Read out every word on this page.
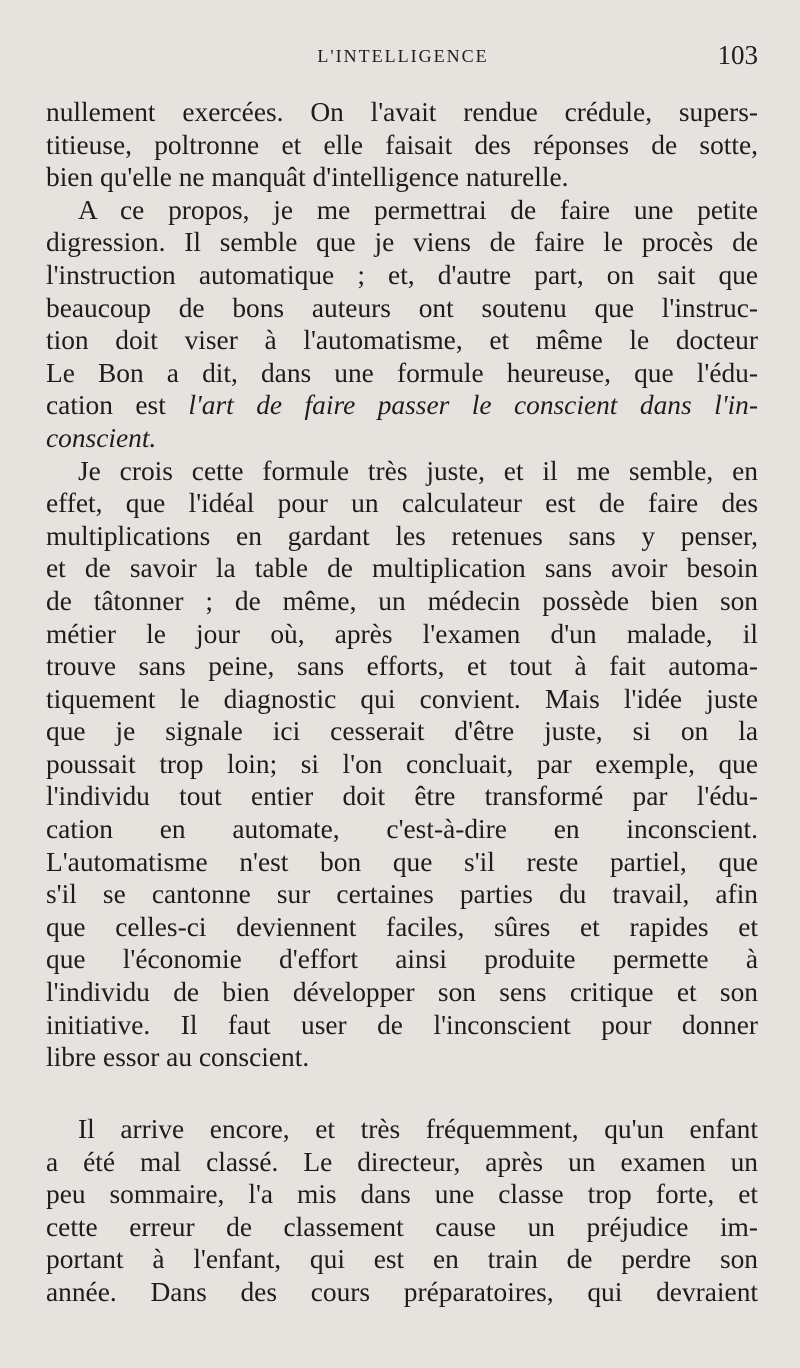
L'INTELLIGENCE	103
nullement exercées. On l'avait rendue crédule, supers-
titieuse, poltronne et elle faisait des réponses de sotte,
bien qu'elle ne manquât d'intelligence naturelle.
A ce propos, je me permettrai de faire une petite
digression. Il semble que je viens de faire le procès de
l'instruction automatique ; et, d'autre part, on sait que
beaucoup de bons auteurs ont soutenu que l'instruc-
tion doit viser à l'automatisme, et même le docteur
Le Bon a dit, dans une formule heureuse, que l'édu-
cation est l'art de faire passer le conscient dans l'in-
conscient.
Je crois cette formule très juste, et il me semble, en
effet, que l'idéal pour un calculateur est de faire des
multiplications en gardant les retenues sans y penser,
et de savoir la table de multiplication sans avoir besoin
de tâtonner ; de même, un médecin possède bien son
métier le jour où, après l'examen d'un malade, il
trouve sans peine, sans efforts, et tout à fait automa-
tiquement le diagnostic qui convient. Mais l'idée juste
que je signale ici cesserait d'être juste, si on la
poussait trop loin; si l'on concluait, par exemple, que
l'individu tout entier doit être transformé par l'édu-
cation en automate, c'est-à-dire en inconscient.
L'automatisme n'est bon que s'il reste partiel, que
s'il se cantonne sur certaines parties du travail, afin
que celles-ci deviennent faciles, sûres et rapides et
que l'économie d'effort ainsi produite permette à
l'individu de bien développer son sens critique et son
initiative. Il faut user de l'inconscient pour donner
libre essor au conscient.
Il arrive encore, et très fréquemment, qu'un enfant
a été mal classé. Le directeur, après un examen un
peu sommaire, l'a mis dans une classe trop forte, et
cette erreur de classement cause un préjudice im-
portant à l'enfant, qui est en train de perdre son
année. Dans des cours préparatoires, qui devraient
